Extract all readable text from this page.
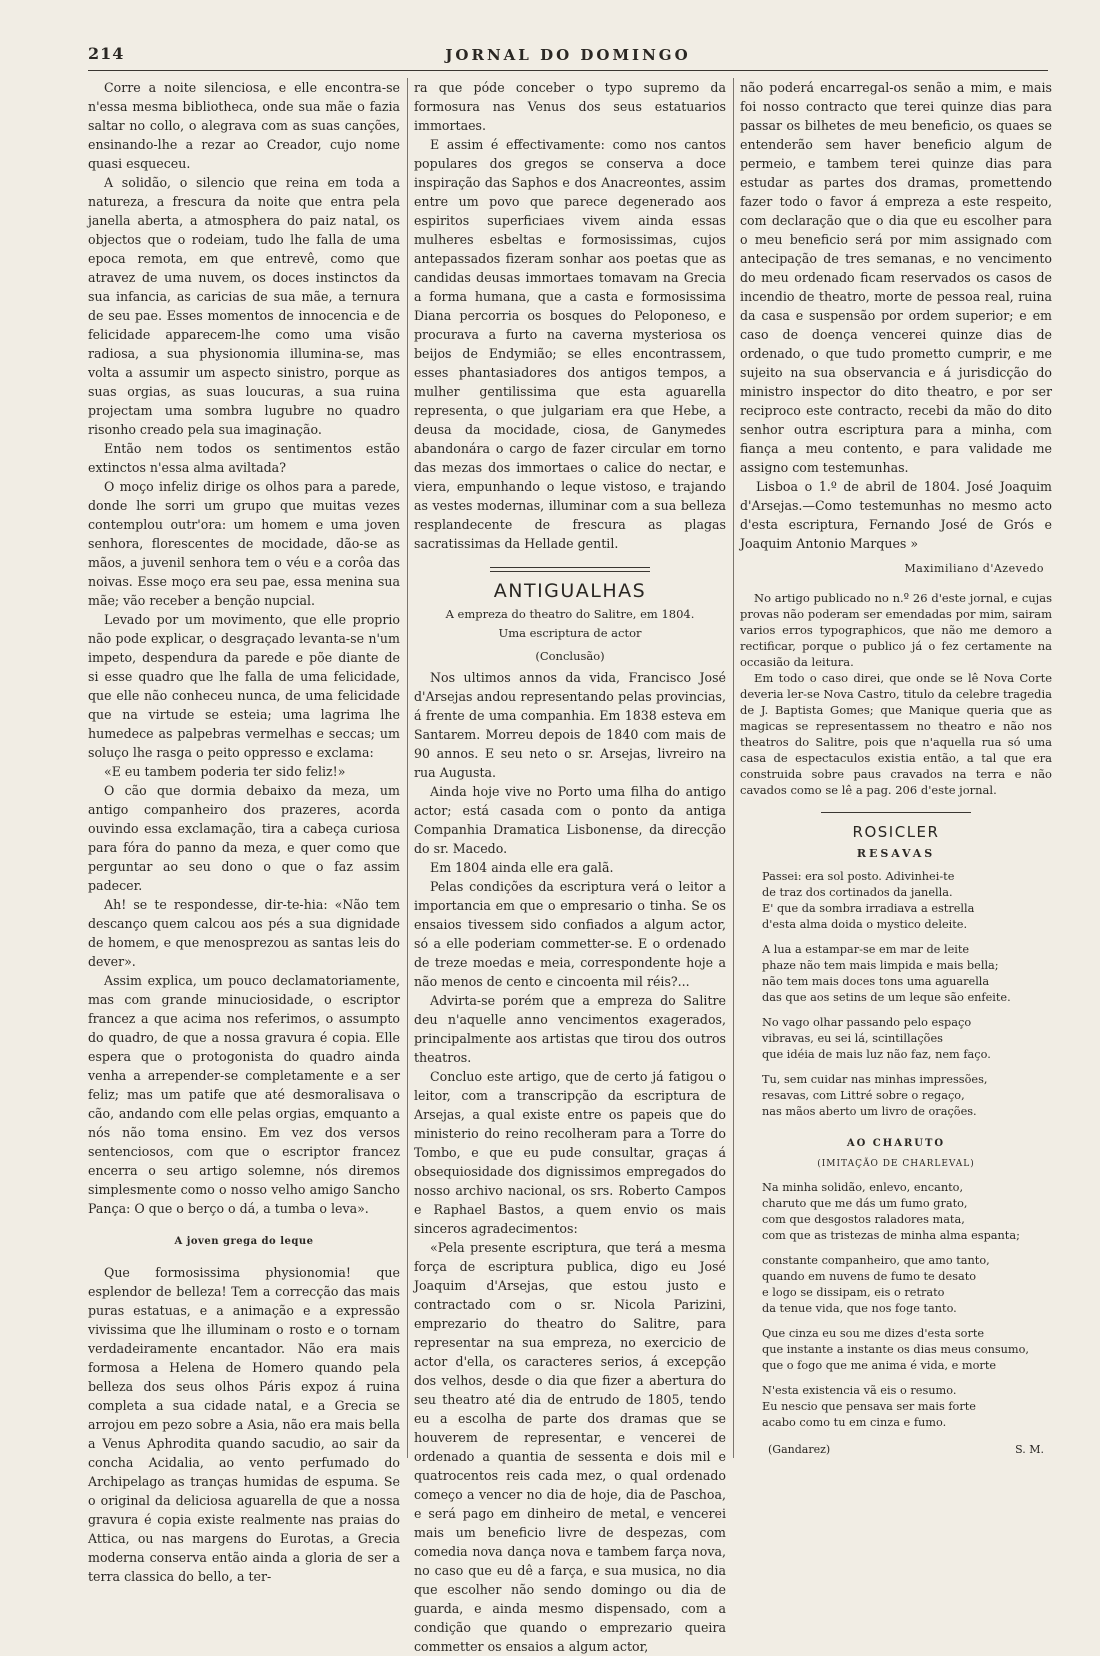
214	JORNAL DO DOMINGO

Corre a noite silenciosa, e elle encontra-se n'essa mesma bibliotheca, onde sua mãe o fazia saltar no collo, o alegrava com as suas canções, ensinando-lhe a rezar ao Creador, cujo nome quasi esqueceu.

A solidão, o silencio que reina em toda a natureza, a frescura da noite que entra pela janella aberta, a atmosphera do paiz natal, os objectos que o rodeiam, tudo lhe falla de uma epoca remota, em que entrevê, como que atravez de uma nuvem, os doces instinctos da sua infancia, as caricias de sua mãe, a ternura de seu pae. Esses momentos de innocencia e de felicidade apparecem-lhe como uma visão radiosa, a sua physionomia illumina-se, mas volta a assumir um aspecto sinistro, porque as suas orgias, as suas loucuras, a sua ruina projectam uma sombra lugubre no quadro risonho creado pela sua imaginação.

Então nem todos os sentimentos estão extinctos n'essa alma aviltada?

O moço infeliz dirige os olhos para a parede, donde lhe sorri um grupo que muitas vezes contemplou outr'ora: um homem e uma joven senhora, florescentes de mocidade, dão-se as mãos, a juvenil senhora tem o véu e a corôa das noivas. Esse moço era seu pae, essa menina sua mãe; vão receber a benção nupcial.

Levado por um movimento, que elle proprio não pode explicar, o desgraçado levanta-se n'um impeto, despendura da parede e põe diante de si esse quadro que lhe falla de uma felicidade, que elle não conheceu nunca, de uma felicidade que na virtude se esteia; uma lagrima lhe humedece as palpebras vermelhas e seccas; um soluço lhe rasga o peito oppresso e exclama:

«E eu tambem poderia ter sido feliz!»

O cão que dormia debaixo da meza, um antigo companheiro dos prazeres, acorda ouvindo essa exclamação, tira a cabeça curiosa para fóra do panno da meza, e quer como que perguntar ao seu dono o que o faz assim padecer.

Ah! se te respondesse, dir-te-hia: «Não tem descanço quem calcou aos pés a sua dignidade de homem, e que menosprezou as santas leis do dever».

Assim explica, um pouco declamatoriamente, mas com grande minuciosidade, o escriptor francez a que acima nos referimos, o assumpto do quadro, de que a nossa gravura é copia. Elle espera que o protogonista do quadro ainda venha a arrepender-se completamente e a ser feliz; mas um patife que até desmoralisava o cão, andando com elle pelas orgias, emquanto a nós não toma ensino. Em vez dos versos sentenciosos, com que o escriptor francez encerra o seu artigo solemne, nós diremos simplesmente como o nosso velho amigo Sancho Pança: O que o berço o dá, a tumba o leva».

A joven grega do leque

Que formosissima physionomia! que esplendor de belleza! Tem a correcção das mais puras estatuas, e a animação e a expressão vivissima que lhe illuminam o rosto e o tornam verdadeiramente encantador. Não era mais formosa a Helena de Homero quando pela belleza dos seus olhos Páris expoz á ruina completa a sua cidade natal, e a Grecia se arrojou em pezo sobre a Asia, não era mais bella a Venus Aphrodita quando sacudio, ao sair da concha Acidalia, ao vento perfumado do Archipelago as tranças humidas de espuma. Se o original da deliciosa aguarella de que a nossa gravura é copia existe realmente nas praias do Attica, ou nas margens do Eurotas, a Grecia moderna conserva então ainda a gloria de ser a terra classica do bello, a ter-

ra que póde conceber o typo supremo da formosura nas Venus dos seus estatuarios immortaes.

E assim é effectivamente: como nos cantos populares dos gregos se conserva a doce inspiração das Saphos e dos Anacreontes, assim entre um povo que parece degenerado aos espiritos superficiaes vivem ainda essas mulheres esbeltas e formosissimas, cujos antepassados fizeram sonhar aos poetas que as candidas deusas immortaes tomavam na Grecia a forma humana, que a casta e formosissima Diana percorria os bosques do Peloponeso, e procurava a furto na caverna mysteriosa os beijos de Endymião; se elles encontrassem, esses phantasiadores dos antigos tempos, a mulher gentilissima que esta aguarella representa, o que julgariam era que Hebe, a deusa da mocidade, ciosa, de Ganymedes abandonára o cargo de fazer circular em torno das mezas dos immortaes o calice do nectar, e viera, empunhando o leque vistoso, e trajando as vestes modernas, illuminar com a sua belleza resplandecente de frescura as plagas sacratissimas da Hellade gentil.

ANTIGUALHAS

A empreza do theatro do Salitre, em 1804.

Uma escriptura de actor

(Conclusão)

Nos ultimos annos da vida, Francisco José d'Arsejas andou representando pelas provincias, á frente de uma companhia. Em 1838 esteva em Santarem. Morreu depois de 1840 com mais de 90 annos. E seu neto o sr. Arsejas, livreiro na rua Augusta.

Ainda hoje vive no Porto uma filha do antigo actor; está casada com o ponto da antiga Companhia Dramatica Lisbonense, da direcção do sr. Macedo.

Em 1804 ainda elle era galã.

Pelas condições da escriptura verá o leitor a importancia em que o empresario o tinha. Se os ensaios tivessem sido confiados a algum actor, só a elle poderiam commetter-se. E o ordenado de treze moedas e meia, correspondente hoje a não menos de cento e cincoenta mil réis?...

Advirta-se porém que a empreza do Salitre deu n'aquelle anno vencimentos exagerados, principalmente aos artistas que tirou dos outros theatros.

Concluo este artigo, que de certo já fatigou o leitor, com a transcripção da escriptura de Arsejas, a qual existe entre os papeis que do ministerio do reino recolheram para a Torre do Tombo, e que eu pude consultar, graças á obsequiosidade dos dignissimos empregados do nosso archivo nacional, os srs. Roberto Campos e Raphael Bastos, a quem envio os mais sinceros agradecimentos:

«Pela presente escriptura, que terá a mesma força de escriptura publica, digo eu José Joaquim d'Arsejas, que estou justo e contractado com o sr. Nicola Parizini, emprezario do theatro do Salitre, para representar na sua empreza, no exercicio de actor d'ella, os caracteres serios, á excepção dos velhos, desde o dia que fizer a abertura do seu theatro até dia de entrudo de 1805, tendo eu a escolha de parte dos dramas que se houverem de representar, e vencerei de ordenado a quantia de sessenta e dois mil e quatrocentos reis cada mez, o qual ordenado começo a vencer no dia de hoje, dia de Paschoa, e será pago em dinheiro de metal, e vencerei mais um beneficio livre de despezas, com comedia nova dança nova e tambem farça nova, no caso que eu dê a farça, e sua musica, no dia que escolher não sendo domingo ou dia de guarda, e ainda mesmo dispensado, com a condição que quando o emprezario queira commetter os ensaios a algum actor,

não poderá encarregal-os senão a mim, e mais foi nosso contracto que terei quinze dias para passar os bilhetes de meu beneficio, os quaes se entenderão sem haver beneficio algum de permeio, e tambem terei quinze dias para estudar as partes dos dramas, promettendo fazer todo o favor á empreza a este respeito, com declaração que o dia que eu escolher para o meu beneficio será por mim assignado com antecipação de tres semanas, e no vencimento do meu ordenado ficam reservados os casos de incendio de theatro, morte de pessoa real, ruina da casa e suspensão por ordem superior; e em caso de doença vencerei quinze dias de ordenado, o que tudo prometto cumprir, e me sujeito na sua observancia e á jurisdicção do ministro inspector do dito theatro, e por ser reciproco este contracto, recebi da mão do dito senhor outra escriptura para a minha, com fiança a meu contento, e para validade me assigno com testemunhas.

Lisboa o 1.º de abril de 1804. José Joaquim d'Arsejas.—Como testemunhas no mesmo acto d'esta escriptura, Fernando José de Grós e Joaquim Antonio Marques »

Maximiliano d'Azevedo

No artigo publicado no n.º 26 d'este jornal, e cujas provas não poderam ser emendadas por mim, sairam varios erros typographicos, que não me demoro a rectificar, porque o publico já o fez certamente na occasião da leitura.

Em todo o caso direi, que onde se lê Nova Corte deveria ler-se Nova Castro, titulo da celebre tragedia de J. Baptista Gomes; que Manique queria que as magicas se representassem no theatro e não nos theatros do Salitre, pois que n'aquella rua só uma casa de espectaculos existia então, a tal que era construida sobre paus cravados na terra e não cavados como se lê a pag. 206 d'este jornal.

ROSICLER
RESAVAS
Passei: era sol posto. Adivinhei-te
de traz dos cortinados da janella.
E' que da sombra irradiava a estrella
d'esta alma doida o mystico deleite.
A lua a estampar-se em mar de leite
phaze não tem mais limpida e mais bella;
não tem mais doces tons uma aguarella
das que aos setins de um leque são enfeite.
No vago olhar passando pelo espaço
vibravas, eu sei lá, scintillações
que idéia de mais luz não faz, nem faço.
Tu, sem cuidar nas minhas impressões,
resavas, com Littré sobre o regaço,
nas mãos aberto um livro de orações.
AO CHARUTO
(IMITAÇÃO DE CHARLEVAL)
Na minha solidão, enlevo, encanto,
charuto que me dás um fumo grato,
com que desgostos raladores mata,
com que as tristezas de minha alma espanta;
constante companheiro, que amo tanto,
quando em nuvens de fumo te desato
e logo se dissipam, eis o retrato
da tenue vida, que nos foge tanto.
Que cinza eu sou me dizes d'esta sorte
que instante a instante os dias meus consumo,
que o fogo que me anima é vida, e morte
N'esta existencia vã eis o resumo.
Eu nescio que pensava ser mais forte
acabo como tu em cinza e fumo.
(Gandarez)	S. M.
